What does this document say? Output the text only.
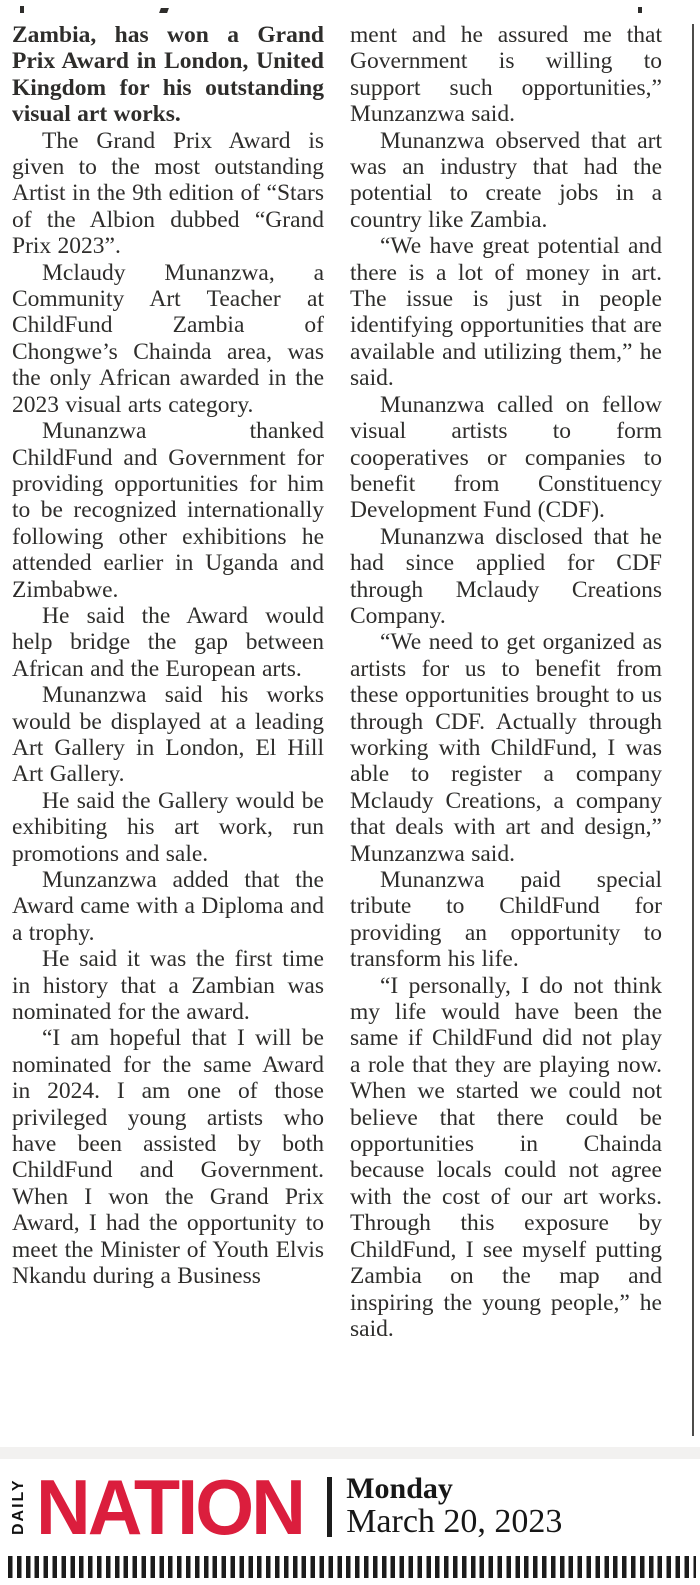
Zambia, has won a Grand Prix Award in London, United Kingdom for his outstanding visual art works.

The Grand Prix Award is given to the most outstanding Artist in the 9th edition of “Stars of the Albion dubbed “Grand Prix 2023”.

Mclaudy Munanzwa, a Community Art Teacher at ChildFund Zambia of Chongwe’s Chainda area, was the only African awarded in the 2023 visual arts category.

Munanzwa thanked ChildFund and Government for providing opportunities for him to be recognized internationally following other exhibitions he attended earlier in Uganda and Zimbabwe.

He said the Award would help bridge the gap between African and the European arts.

Munanzwa said his works would be displayed at a leading Art Gallery in London, El Hill Art Gallery.

He said the Gallery would be exhibiting his art work, run promotions and sale.

Munzanzwa added that the Award came with a Diploma and a trophy.

He said it was the first time in history that a Zambian was nominated for the award.

“I am hopeful that I will be nominated for the same Award in 2024. I am one of those privileged young artists who have been assisted by both ChildFund and Government. When I won the Grand Prix Award, I had the opportunity to meet the Minister of Youth Elvis Nkandu during a Business

ment and he assured me that Government is willing to support such opportunities,” Munzanzwa said.

Munanzwa observed that art was an industry that had the potential to create jobs in a country like Zambia.

“We have great potential and there is a lot of money in art. The issue is just in people identifying opportunities that are available and utilizing them,” he said.

Munanzwa called on fellow visual artists to form cooperatives or companies to benefit from Constituency Development Fund (CDF).

Munanzwa disclosed that he had since applied for CDF through Mclaudy Creations Company.

“We need to get organized as artists for us to benefit from these opportunities brought to us through CDF. Actually through working with ChildFund, I was able to register a company Mclaudy Creations, a company that deals with art and design,” Munzanzwa said.

Munanzwa paid special tribute to ChildFund for providing an opportunity to transform his life.

“I personally, I do not think my life would have been the same if ChildFund did not play a role that they are playing now. When we started we could not believe that there could be opportunities in Chainda because locals could not agree with the cost of our art works. Through this exposure by ChildFund, I see myself putting Zambia on the map and inspiring the young people,” he said.

DAILY NATION Monday
March 20, 2023
